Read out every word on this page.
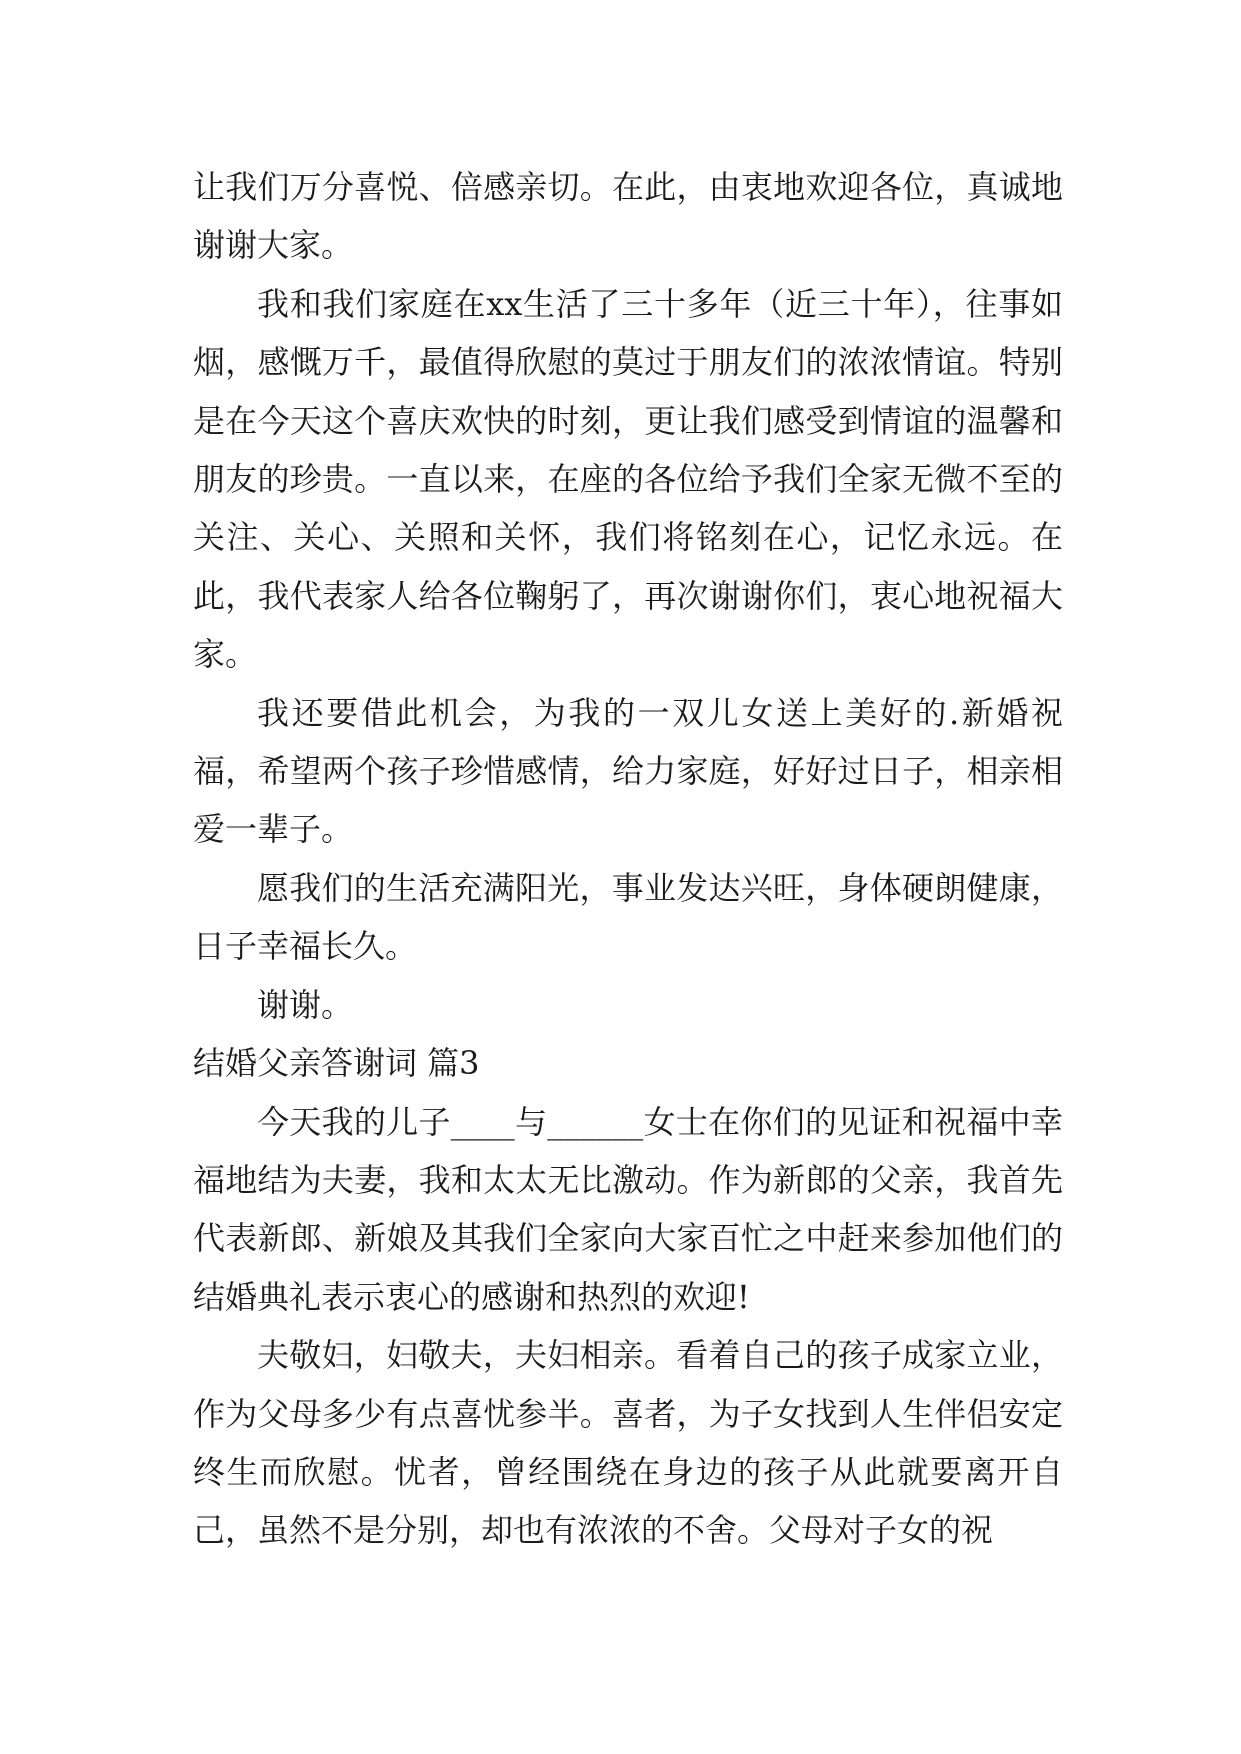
让我们万分喜悦、倍感亲切。在此，由衷地欢迎各位，真诚地谢谢大家。

我和我们家庭在xx生活了三十多年（近三十年），往事如烟，感慨万千，最值得欣慰的莫过于朋友们的浓浓情谊。特别是在今天这个喜庆欢快的时刻，更让我们感受到情谊的温馨和朋友的珍贵。一直以来，在座的各位给予我们全家无微不至的关注、关心、关照和关怀，我们将铭刻在心，记忆永远。在此，我代表家人给各位鞠躬了，再次谢谢你们，衷心地祝福大家。

我还要借此机会，为我的一双儿女送上美好的.新婚祝福，希望两个孩子珍惜感情，给力家庭，好好过日子，相亲相爱一辈子。

愿我们的生活充满阳光，事业发达兴旺，身体硬朗健康，日子幸福长久。

谢谢。

结婚父亲答谢词 篇3

今天我的儿子____与______女士在你们的见证和祝福中幸福地结为夫妻，我和太太无比激动。作为新郎的父亲，我首先代表新郎、新娘及其我们全家向大家百忙之中赶来参加他们的结婚典礼表示衷心的感谢和热烈的欢迎!

夫敬妇，妇敬夫，夫妇相亲。看着自己的孩子成家立业，作为父母多少有点喜忧参半。喜者，为子女找到人生伴侣安定终生而欣慰。忧者，曾经围绕在身边的孩子从此就要离开自己，虽然不是分别，却也有浓浓的不舍。父母对子女的祝
